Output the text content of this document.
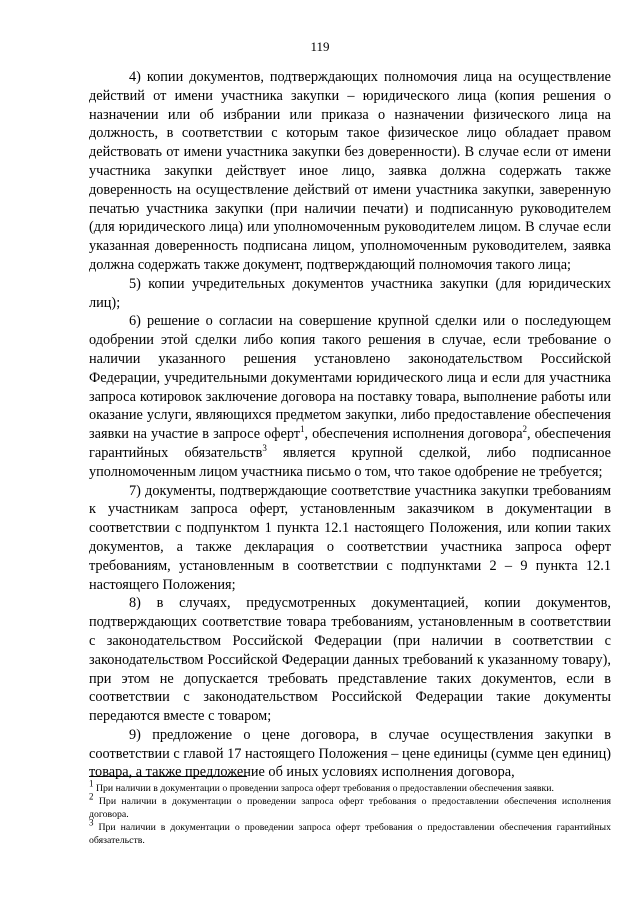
119

4) копии документов, подтверждающих полномочия лица на осуществление действий от имени участника закупки – юридического лица (копия решения о назначении или об избрании или приказа о назначении физического лица на должность, в соответствии с которым такое физическое лицо обладает правом действовать от имени участника закупки без доверенности). В случае если от имени участника закупки действует иное лицо, заявка должна содержать также доверенность на осуществление действий от имени участника закупки, заверенную печатью участника закупки (при наличии печати) и подписанную руководителем (для юридического лица) или уполномоченным руководителем лицом. В случае если указанная доверенность подписана лицом, уполномоченным руководителем, заявка должна содержать также документ, подтверждающий полномочия такого лица;

5) копии учредительных документов участника закупки (для юридических лиц);

6) решение о согласии на совершение крупной сделки или о последующем одобрении этой сделки либо копия такого решения в случае, если требование о наличии указанного решения установлено законодательством Российской Федерации, учредительными документами юридического лица и если для участника запроса котировок заключение договора на поставку товара, выполнение работы или оказание услуги, являющихся предметом закупки, либо предоставление обеспечения заявки на участие в запросе оферт$^1$, обеспечения исполнения договора$^2$, обеспечения гарантийных обязательств$^3$ является крупной сделкой, либо подписанное уполномоченным лицом участника письмо о том, что такое одобрение не требуется;

7) документы, подтверждающие соответствие участника закупки требованиям к участникам запроса оферт, установленным заказчиком в документации в соответствии с подпунктом 1 пункта 12.1 настоящего Положения, или копии таких документов, а также декларация о соответствии участника запроса оферт требованиям, установленным в соответствии с подпунктами 2 – 9 пункта 12.1 настоящего Положения;

8) в случаях, предусмотренных документацией, копии документов, подтверждающих соответствие товара требованиям, установленным в соответствии с законодательством Российской Федерации (при наличии в соответствии с законодательством Российской Федерации данных требований к указанному товару), при этом не допускается требовать представление таких документов, если в соответствии с законодательством Российской Федерации такие документы передаются вместе с товаром;

9) предложение о цене договора, в случае осуществления закупки в соответствии с главой 17 настоящего Положения – цене единицы (сумме цен единиц) товара, а также предложение об иных условиях исполнения договора,

$^1$ При наличии в документации о проведении запроса оферт требования о предоставлении обеспечения заявки.

$^2$ При наличии в документации о проведении запроса оферт требования о предоставлении обеспечения исполнения договора.

$^3$ При наличии в документации о проведении запроса оферт требования о предоставлении обеспечения гарантийных обязательств.
